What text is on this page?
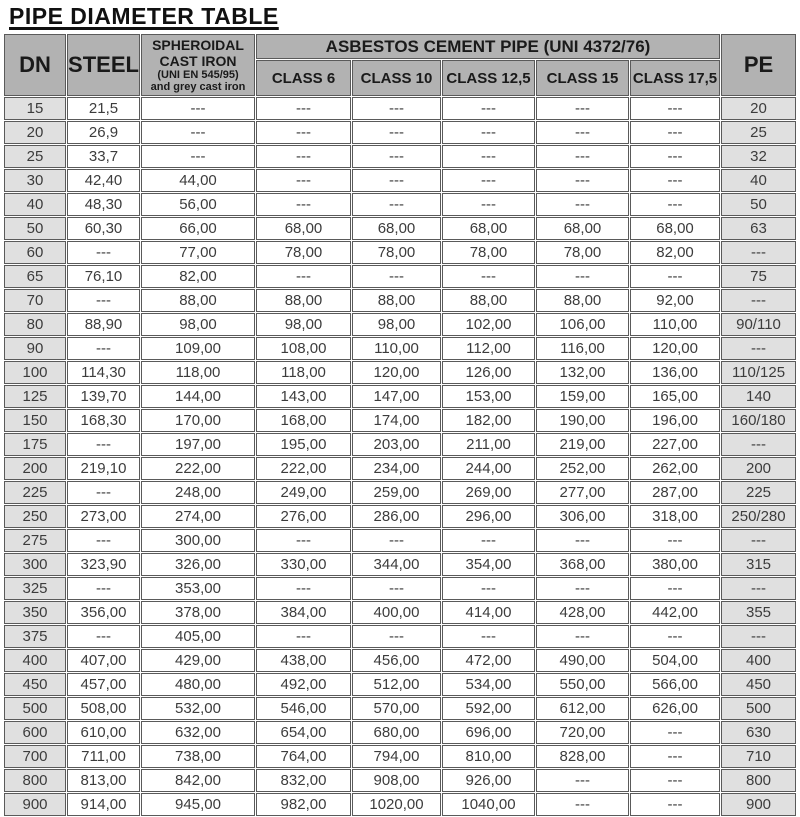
PIPE DIAMETER TABLE
DN	STEEL	SPHEROIDAL
CAST IRON
(UNI EN 545/95)
and grey cast iron	ASBESTOS CEMENT PIPE (UNI 4372/76)					PE
			CLASS 6	CLASS 10	CLASS 12,5	CLASS 15	CLASS 17,5	
15	21,5	---	---	---	---	---	---	20
20	26,9	---	---	---	---	---	---	25
25	33,7	---	---	---	---	---	---	32
30	42,40	44,00	---	---	---	---	---	40
40	48,30	56,00	---	---	---	---	---	50
50	60,30	66,00	68,00	68,00	68,00	68,00	68,00	63
60	---	77,00	78,00	78,00	78,00	78,00	82,00	---
65	76,10	82,00	---	---	---	---	---	75
70	---	88,00	88,00	88,00	88,00	88,00	92,00	---
80	88,90	98,00	98,00	98,00	102,00	106,00	110,00	90/110
90	---	109,00	108,00	110,00	112,00	116,00	120,00	---
100	114,30	118,00	118,00	120,00	126,00	132,00	136,00	110/125
125	139,70	144,00	143,00	147,00	153,00	159,00	165,00	140
150	168,30	170,00	168,00	174,00	182,00	190,00	196,00	160/180
175	---	197,00	195,00	203,00	211,00	219,00	227,00	---
200	219,10	222,00	222,00	234,00	244,00	252,00	262,00	200
225	---	248,00	249,00	259,00	269,00	277,00	287,00	225
250	273,00	274,00	276,00	286,00	296,00	306,00	318,00	250/280
275	---	300,00	---	---	---	---	---	---
300	323,90	326,00	330,00	344,00	354,00	368,00	380,00	315
325	---	353,00	---	---	---	---	---	---
350	356,00	378,00	384,00	400,00	414,00	428,00	442,00	355
375	---	405,00	---	---	---	---	---	---
400	407,00	429,00	438,00	456,00	472,00	490,00	504,00	400
450	457,00	480,00	492,00	512,00	534,00	550,00	566,00	450
500	508,00	532,00	546,00	570,00	592,00	612,00	626,00	500
600	610,00	632,00	654,00	680,00	696,00	720,00	---	630
700	711,00	738,00	764,00	794,00	810,00	828,00	---	710
800	813,00	842,00	832,00	908,00	926,00	---	---	800
900	914,00	945,00	982,00	1020,00	1040,00	---	---	900
